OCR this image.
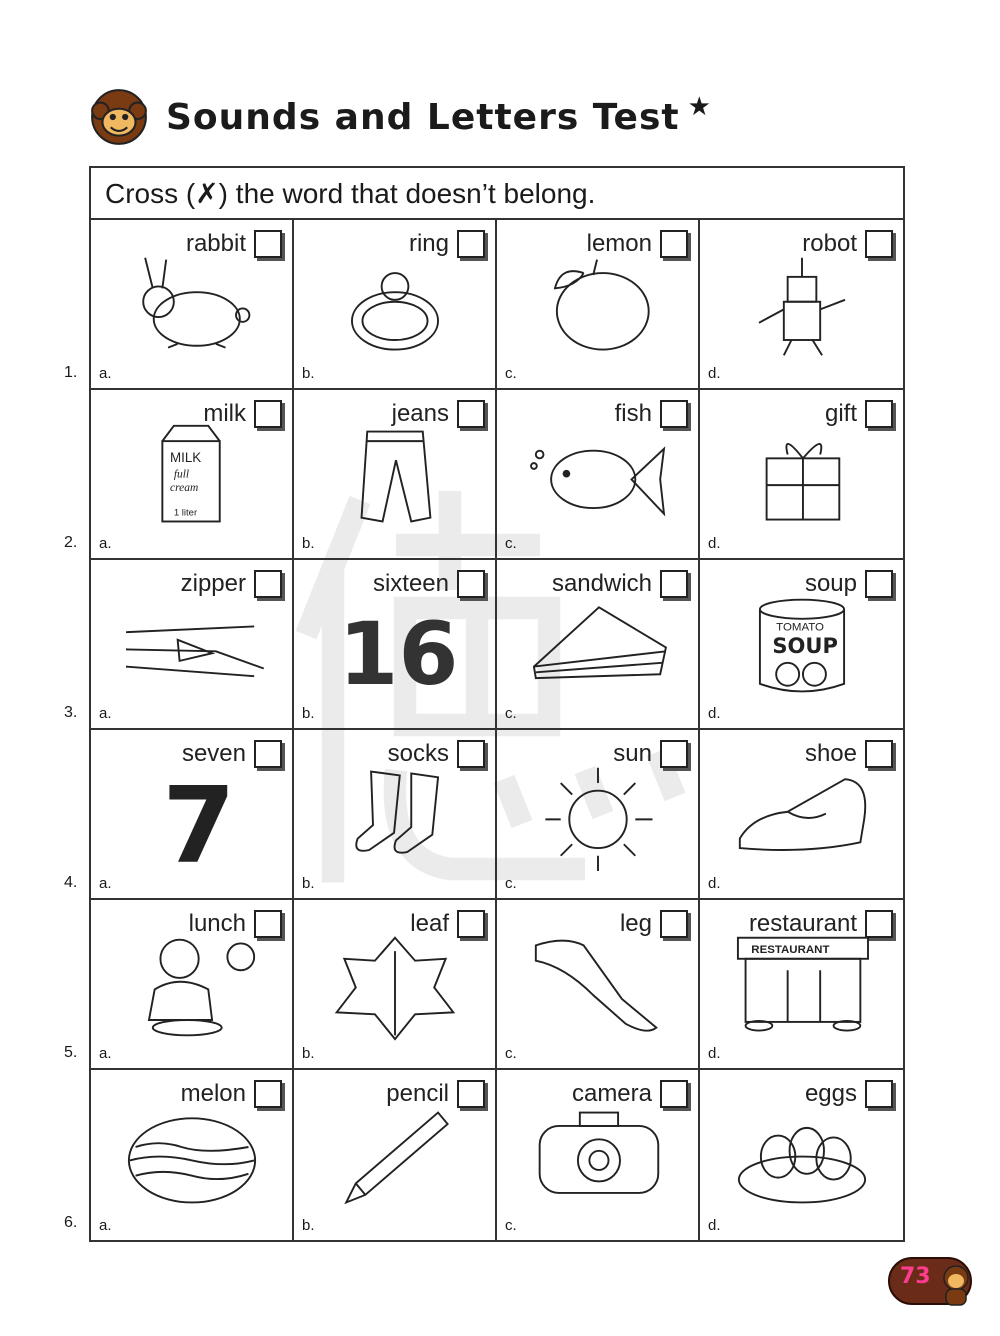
Sounds and Letters Test ★
Cross (✗) the word that doesn’t belong.
rabbit
a.
ring
b.
lemon
c.
robot
d.
milk
MILK
full
cream
1 liter
a.
jeans
b.
fish
c.
gift
d.
zipper
a.
sixteen
16
b.
sandwich
c.
soup
TOMATO
SOUP
d.
seven
7
a.
socks
b.
sun
c.
shoe
d.
lunch
a.
leaf
b.
leg
c.
restaurant
RESTAURANT
d.
melon
a.
pencil
b.
camera
c.
eggs
d.
1.
2.
3.
4.
5.
6.
73
